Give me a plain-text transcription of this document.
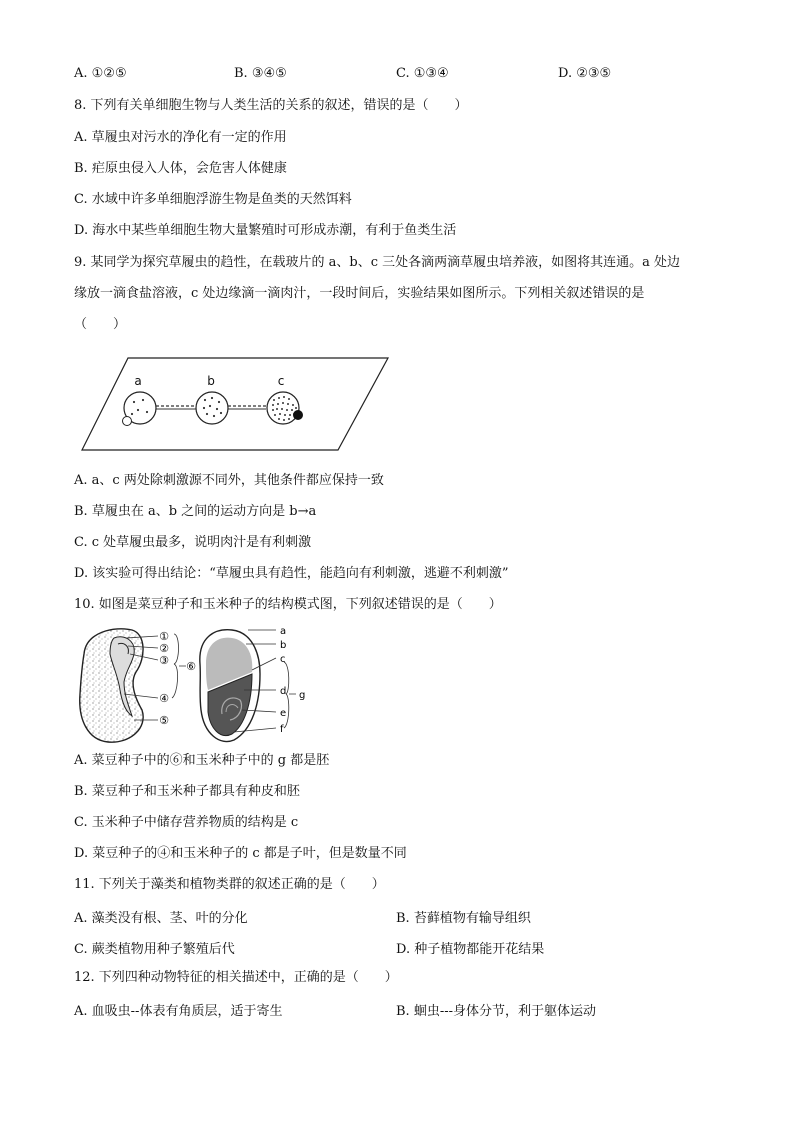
A. ①②⑤	B. ③④⑤	C. ①③④	D. ②③⑤
8. 下列有关单细胞生物与人类生活的关系的叙述，错误的是（　　）
A. 草履虫对污水的净化有一定的作用
B. 疟原虫侵入人体，会危害人体健康
C. 水域中许多单细胞浮游生物是鱼类的天然饵料
D. 海水中某些单细胞生物大量繁殖时可形成赤潮，有利于鱼类生活
9. 某同学为探究草履虫的趋性，在载玻片的 a、b、c 三处各滴两滴草履虫培养液，如图将其连通。a 处边
缘放一滴食盐溶液，c 处边缘滴一滴肉汁，一段时间后，实验结果如图所示。下列相关叙述错误的是
（　　）
a	b	c
A. a、c 两处除刺激源不同外，其他条件都应保持一致
B. 草履虫在 a、b 之间的运动方向是 b→a
C. c 处草履虫最多，说明肉汁是有利刺激
D. 该实验可得出结论：“草履虫具有趋性，能趋向有利刺激，逃避不利刺激”
10. 如图是菜豆种子和玉米种子的结构模式图，下列叙述错误的是（　　）
①
②
③
④
⑤
⑥
a
b
c
d
e
f
g
A. 菜豆种子中的⑥和玉米种子中的 g 都是胚
B. 菜豆种子和玉米种子都具有种皮和胚
C. 玉米种子中储存营养物质的结构是 c
D. 菜豆种子的④和玉米种子的 c 都是子叶，但是数量不同
11. 下列关于藻类和植物类群的叙述正确的是（　　）
A. 藻类没有根、茎、叶的分化	B. 苔藓植物有输导组织
C. 蕨类植物用种子繁殖后代	D. 种子植物都能开花结果
12. 下列四种动物特征的相关描述中，正确的是（　　）
A. 血吸虫--体表有角质层，适于寄生	B. 蛔虫---身体分节，利于躯体运动
